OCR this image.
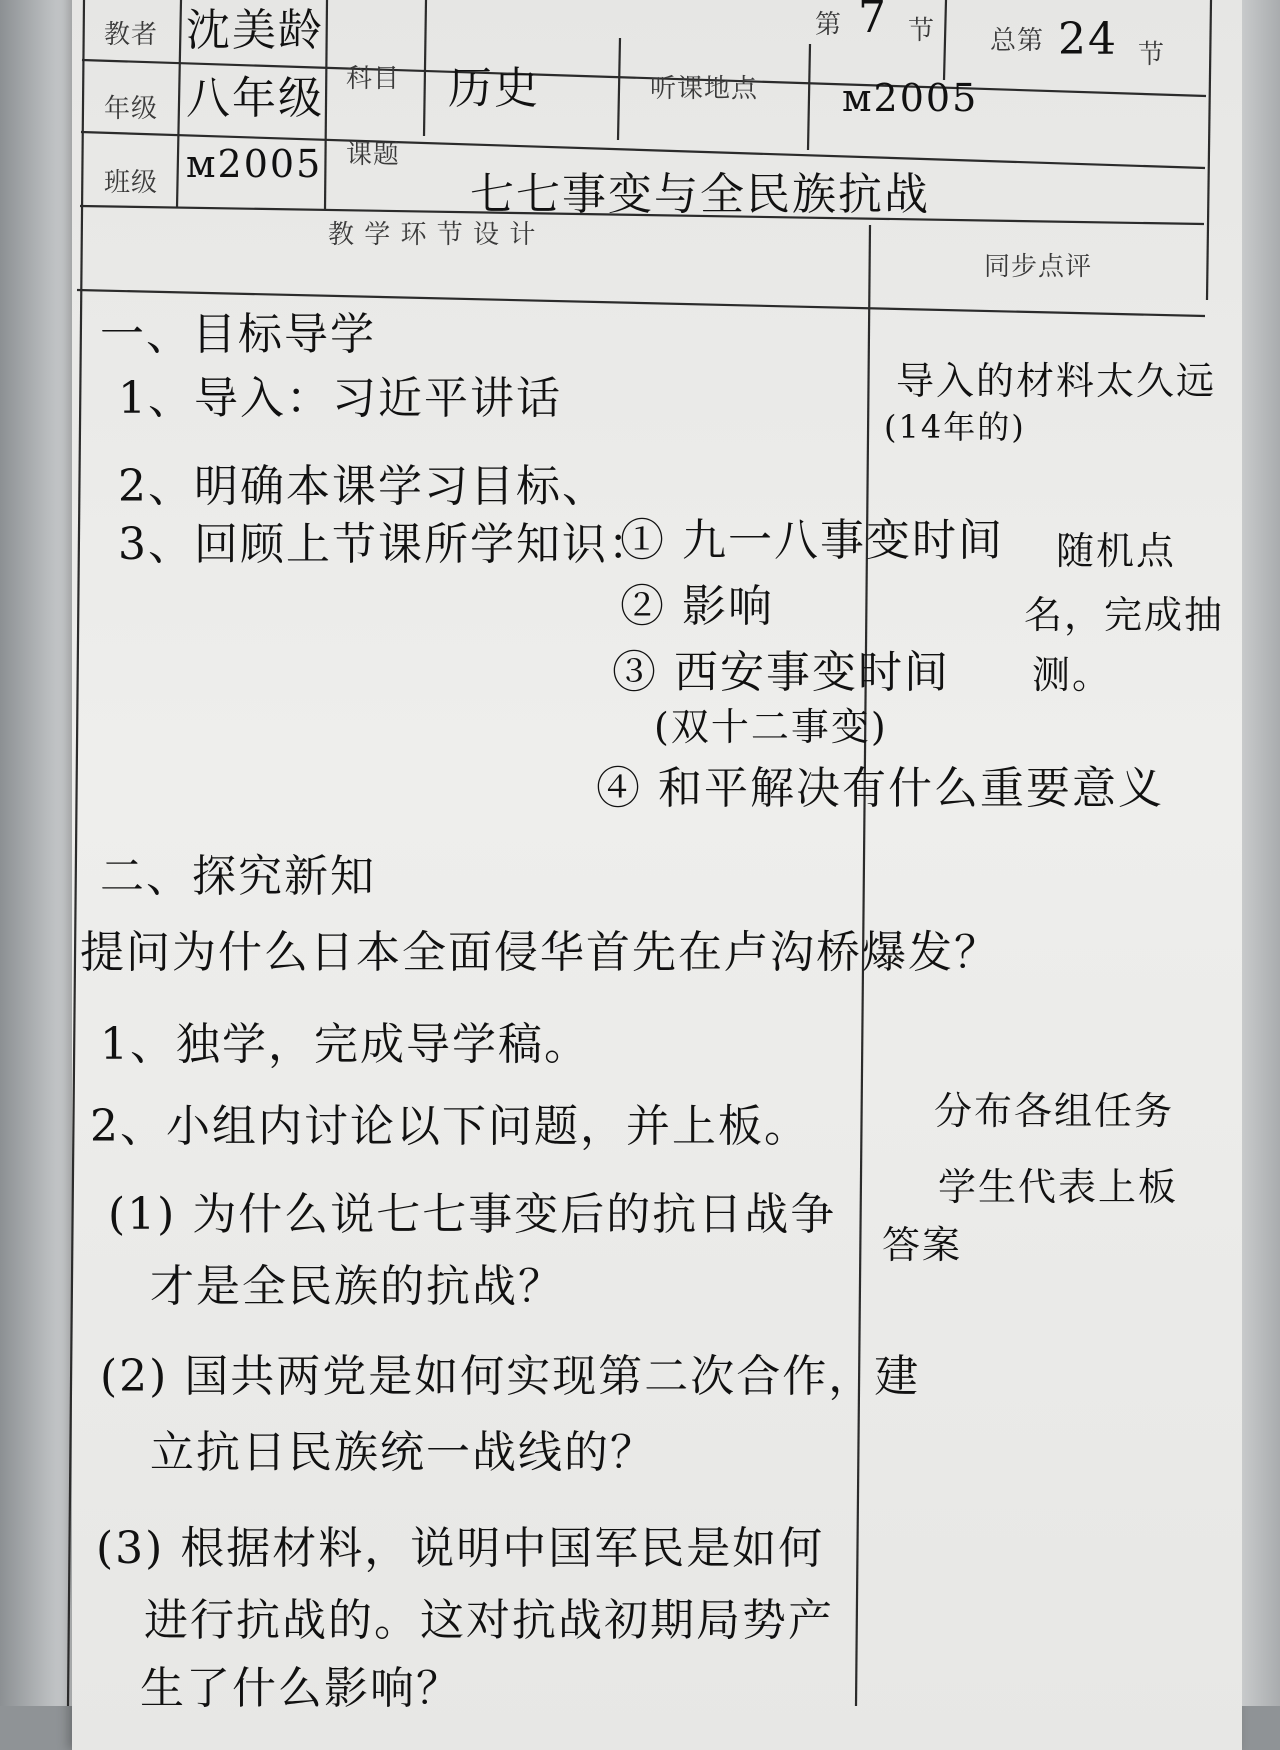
教者 沈美龄	第 7 节 总第 24 节
年级 八年级 科目 历史	听课地点 м2005
班级 м2005 课题
七七事变与全民族抗战
教 学 环 节 设 计
同步点评
一、目标导学
1、导入：习近平讲话
2、明确本课学习目标、
3、回顾上节课所学知识：
① 九一八事变时间
② 影响
③ 西安事变时间
(双十二事变)
④ 和平解决有什么重要意义
二、探究新知
提问为什么日本全面侵华首先在卢沟桥爆发？
1、独学，完成导学稿。
2、小组内讨论以下问题，并上板。
(1) 为什么说七七事变后的抗日战争
才是全民族的抗战？
(2) 国共两党是如何实现第二次合作，建
立抗日民族统一战线的？
(3) 根据材料，说明中国军民是如何
进行抗战的。这对抗战初期局势产
生了什么影响？
导入的材料太久远
(14年的)
随机点
名，完成抽
测。
分布各组任务
学生代表上板
答案
